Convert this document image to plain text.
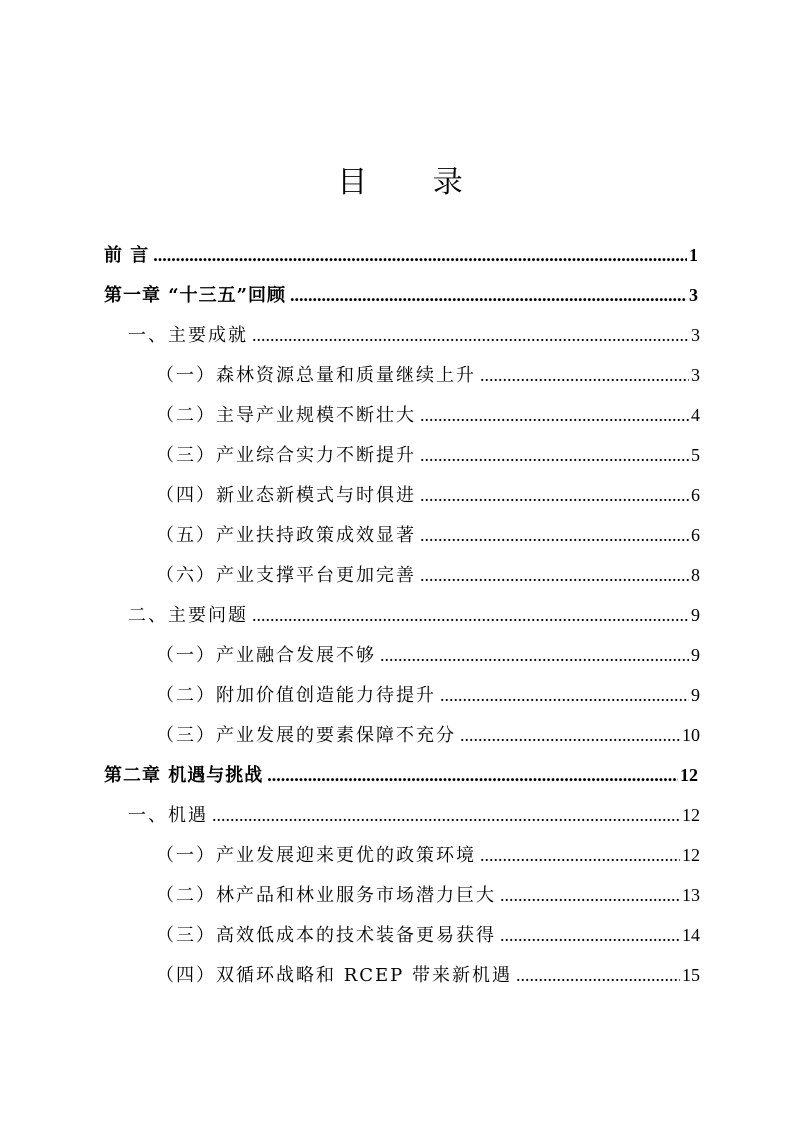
目 录
前 言 .....	1
第一章 “十三五”回顾 .....	3
一、主要成就 .....	3
（一）森林资源总量和质量继续上升 .....	3
（二）主导产业规模不断壮大 .....	4
（三）产业综合实力不断提升 .....	5
（四）新业态新模式与时俱进 .....	6
（五）产业扶持政策成效显著 .....	6
（六）产业支撑平台更加完善 .....	8
二、主要问题 .....	9
（一）产业融合发展不够 .....	9
（二）附加价值创造能力待提升 .....	9
（三）产业发展的要素保障不充分 .....	10
第二章 机遇与挑战 .....	12
一、机遇 .....	12
（一）产业发展迎来更优的政策环境 .....	12
（二）林产品和林业服务市场潜力巨大 .....	13
（三）高效低成本的技术装备更易获得 .....	14
（四）双循环战略和 RCEP 带来新机遇 .....	15
